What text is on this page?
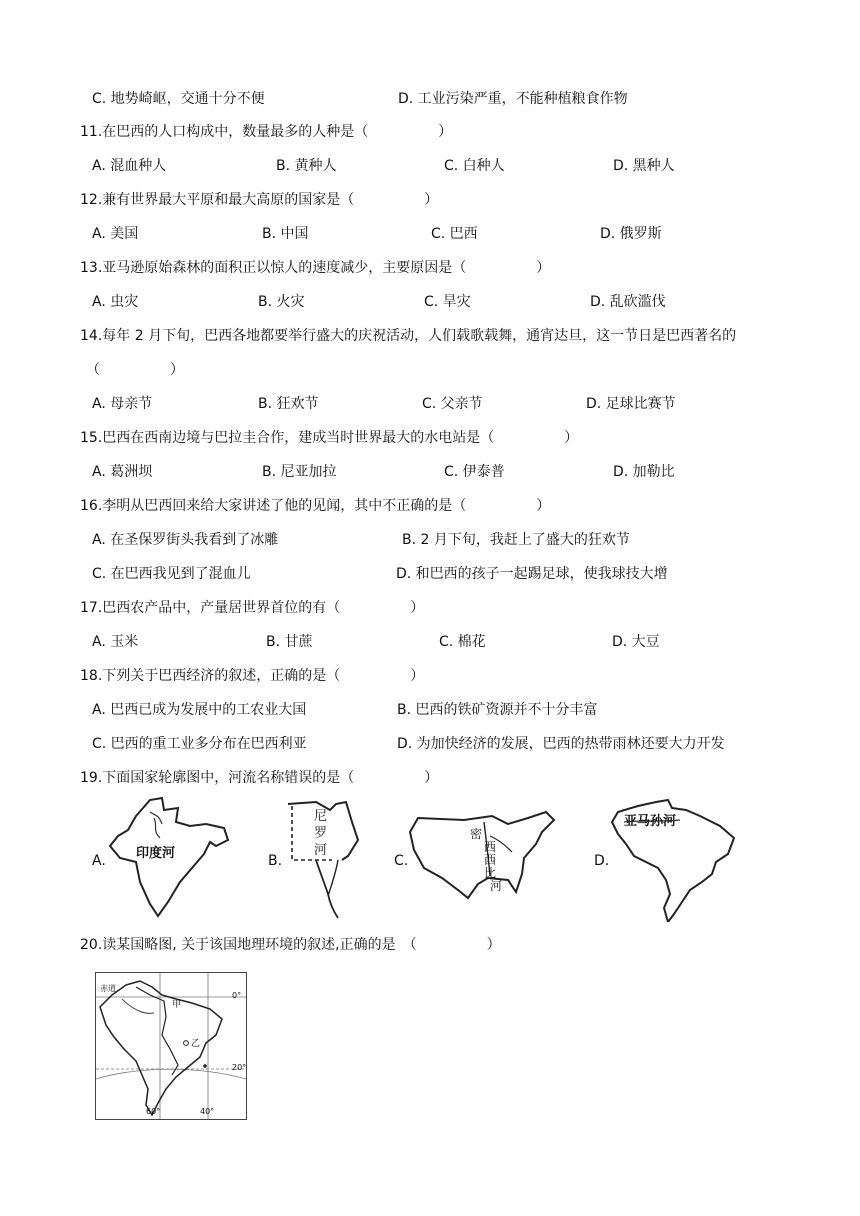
C. 地势崎岖，交通十分不便	D. 工业污染严重，不能种植粮食作物
11.在巴西的人口构成中，数量最多的人种是（　　　　　）
A. 混血种人	B. 黄种人	C. 白种人	D. 黑种人
12.兼有世界最大平原和最大高原的国家是（　　　　　）
A. 美国	B. 中国	C. 巴西	D. 俄罗斯
13.亚马逊原始森林的面积正以惊人的速度减少，主要原因是（　　　　　）
A. 虫灾	B. 火灾	C. 旱灾	D. 乱砍滥伐
14.每年 2 月下旬，巴西各地都要举行盛大的庆祝活动，人们载歌载舞，通宵达旦，这一节日是巴西著名的
（　　　　　）
A. 母亲节	B. 狂欢节	C. 父亲节	D. 足球比赛节
15.巴西在西南边境与巴拉圭合作，建成当时世界最大的水电站是（　　　　　）
A. 葛洲坝	B. 尼亚加拉	C. 伊泰普	D. 加勒比
16.李明从巴西回来给大家讲述了他的见闻，其中不正确的是（　　　　　）
A. 在圣保罗街头我看到了冰雕	B. 2 月下旬，我赶上了盛大的狂欢节
C. 在巴西我见到了混血儿	D. 和巴西的孩子一起踢足球，使我球技大增
17.巴西农产品中，产量居世界首位的有（　　　　　）
A. 玉米	B. 甘蔗	C. 棉花	D. 大豆
18.下列关于巴西经济的叙述，正确的是（　　　　　）
A. 巴西已成为发展中的工农业大国	B. 巴西的铁矿资源并不十分丰富
C. 巴西的重工业多分布在巴西利亚	D. 为加快经济的发展，巴西的热带雨林还要大力开发
19.下面国家轮廓图中，河流名称错误的是（　　　　　）
A.	B.	C.	D.
印度河
尼
罗
河
密
西
西
比
河
亚马孙河
20.读某国略图, 关于该国地理环境的叙述,正确的是　（　　　　　）
赤道
0°
20°
60°	40°
甲
乙
